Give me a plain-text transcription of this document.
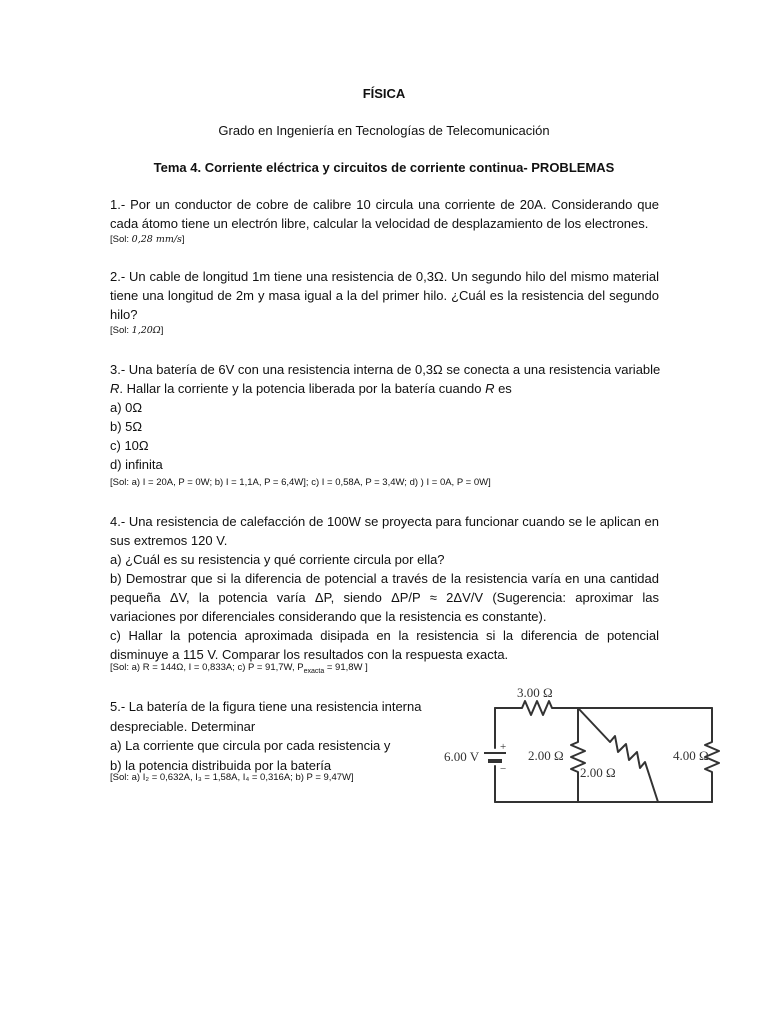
FÍSICA
Grado en Ingeniería en Tecnologías de Telecomunicación
Tema 4. Corriente eléctrica y circuitos de corriente continua- PROBLEMAS
1.- Por un conductor de cobre de calibre 10 circula una corriente de 20A. Considerando que
cada átomo tiene un electrón libre, calcular la velocidad de desplazamiento de los electrones.
[Sol: 0,28 mm/s]
2.- Un cable de longitud 1m tiene una resistencia de 0,3Ω. Un segundo hilo del mismo material
tiene una longitud de 2m y masa igual a la del primer hilo. ¿Cuál es la resistencia del segundo
hilo?
[Sol: 1,20Ω]
3.- Una batería de 6V con una resistencia interna de 0,3Ω se conecta a una resistencia variable
R. Hallar la corriente y la potencia liberada por la batería cuando R es
a) 0Ω
b) 5Ω
c) 10Ω
d) infinita
[Sol: a) I = 20A, P = 0W; b) I = 1,1A, P = 6,4W]; c) I = 0,58A, P = 3,4W; d) ) I = 0A, P = 0W]
4.- Una resistencia de calefacción de 100W se proyecta para funcionar cuando se le aplican en
sus extremos 120 V.
a) ¿Cuál es su resistencia y qué corriente circula por ella?
b) Demostrar que si la diferencia de potencial a través de la resistencia varía en una cantidad
pequeña ΔV, la potencia varía ΔP, siendo ΔP/P ≈ 2ΔV/V (Sugerencia: aproximar las
variaciones por diferenciales considerando que la resistencia es constante).
c) Hallar la potencia aproximada disipada en la resistencia si la diferencia de potencial
disminuye a 115 V. Comparar los resultados con la respuesta exacta.
[Sol: a) R = 144Ω, I = 0,833A; c) P = 91,7W, $P_{exacta} = 91,8W$ ]
5.- La batería de la figura tiene una resistencia interna
despreciable. Determinar
a) La corriente que circula por cada resistencia y
b) la potencia distribuida por la batería
[Sol: a) I₂ = 0,632A, I₃ = 1,58A, I₄ = 0,316A; b) P = 9,47W]
3.00 Ω
6.00 V
+
−
2.00 Ω
2.00 Ω
4.00 Ω
